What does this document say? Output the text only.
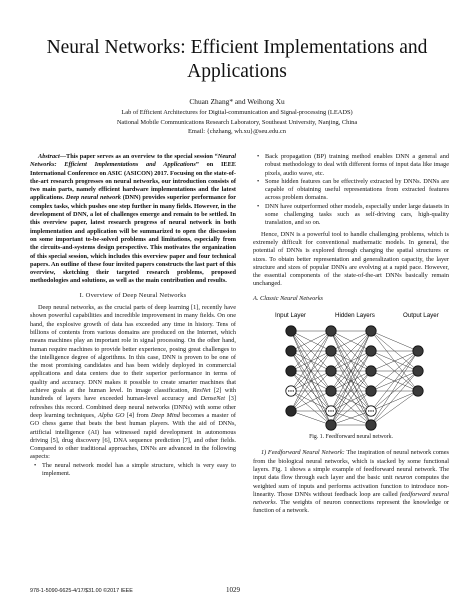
Neural Networks: Efficient Implementations and Applications
Chuan Zhang* and Weihong Xu
Lab of Efficient Architectures for Digital-communication and Signal-processing (LEADS)
National Mobile Communications Research Laboratory, Southeast University, Nanjing, China
Email: {chzhang, wh.xu}@seu.edu.cn

Abstract—This paper serves as an overview to the special session “Neural Networks: Efficient Implementations and Applications” on IEEE International Conference on ASIC (ASICON) 2017. Focusing on the state-of-the-art research progresses on neural networks, our introduction consists of two main parts, namely efficient hardware implementations and the latest applications. Deep neural network (DNN) provides superior performance for complex tasks, which pushes one step further in many fields. However, in the development of DNN, a lot of challenges emerge and remain to be settled. In this overview paper, latest research progress of neural network in both implementation and application will be summarized to open the discussion on some important to-be-solved problems and limitations, especially from the circuits-and-systems design perspective. This motivates the organization of this special session, which includes this overview paper and four technical papers. An outline of these four invited papers constructs the last part of this overview, sketching their targeted research problems, proposed methodologies and solutions, as well as the main contribution and results.

I. Overview of Deep Neural Networks

Deep neural networks, as the crucial parts of deep learning [1], recently have shown powerful capabilities and incredible improvement in many fields. On one hand, the explosive growth of data has exceeded any time in history. Tens of billions of contents from various domains are produced on the Internet, which means machines play an important role in signal processing. On the other hand, human require machines to provide better experience, posing great challenges to the intelligence degree of algorithms. In this case, DNN is proven to be one of the most promising candidates and has been widely deployed in commercial applications and data centers due to their superior performance in terms of quality and accuracy. DNN makes it possible to create smarter machines that achieve goals at the human level. In image classification, ResNet [2] with hundreds of layers have exceeded human-level accuracy and DenseNet [3] refreshes this record. Combined deep neural networks (DNNs) with some other deep learning techniques, Alpha GO [4] from Deep Mind becomes a master of GO chess game that beats the best human players. With the aid of DNNs, artificial intelligence (AI) has witnessed rapid development in autonomous driving [5], drug discovery [6], DNA sequence prediction [7], and other fields. Compared to other traditional approaches, DNNs are advanced in the following aspects:

• The neural network model has a simple structure, which is very easy to implement.
• Back propagation (BP) training method enables DNN a general and robust methodology to deal with different forms of input data like image pixels, audio wave, etc.
• Some hidden features can be effectively extracted by DNNs. DNNs are capable of obtaining useful representations from extracted features across problem domains.
• DNN have outperformed other models, especially under large datasets in some challenging tasks such as self-driving cars, high-quality translation, and so on.

Hence, DNN is a powerful tool to handle challenging problems, which is extremely difficult for conventional mathematic models. In general, the potential of DNNs is explored through changing the spatial structures or sizes. To obtain better representation and generalization capacity, the layer structure and sizes of popular DNNs are evolving at a rapid pace. However, the essential components of the state-of-the-art DNNs basically remain unchanged.

A. Classic Neural Networks
Input Layer	Hidden Layers	Output Layer
Fig. 1. Feedforward neural network.

1) Feedforward Neural Network: The inspiration of neural network comes from the biological neural networks, which is stacked by some functional layers. Fig. 1 shows a simple example of feedforward neural network. The input data flow through each layer and the basic unit neuron computes the weighted sum of inputs and performs activation function to introduce non-linearity. Those DNNs without feedback loop are called feedforward neural networks. The weights of neuron connections represent the knowledge or function of a network.

978-1-5090-6625-4/17/$31.00 ©2017 IEEE	1029
